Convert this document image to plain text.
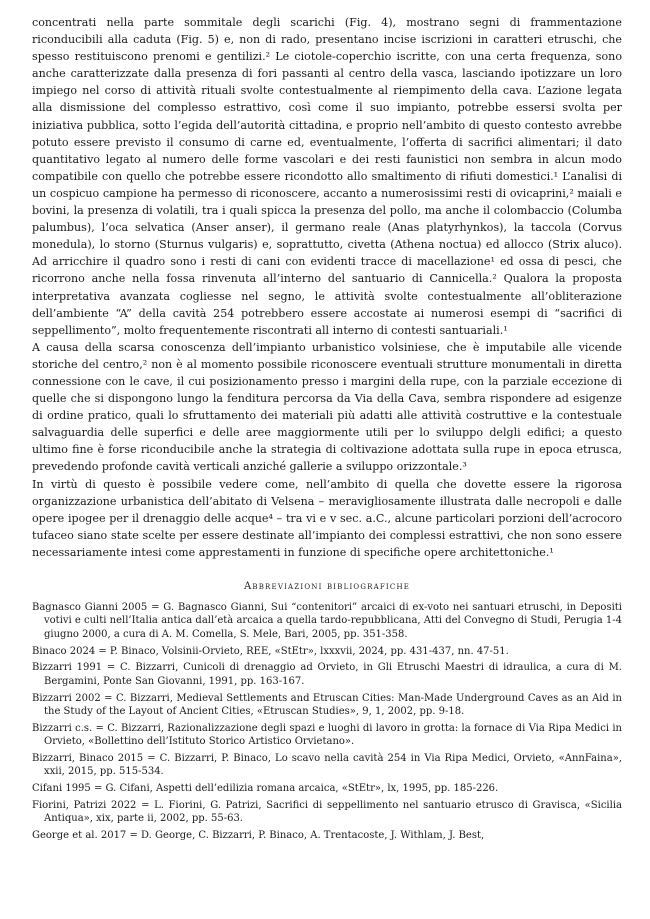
concentrati nella parte sommitale degli scarichi (Fig. 4), mostrano segni di frammentazione riconducibili alla caduta (Fig. 5) e, non di rado, presentano incise iscrizioni in caratteri etruschi, che spesso restituiscono prenomi e gentilizi.² Le ciotole-coperchio iscritte, con una certa frequenza, sono anche caratterizzate dalla presenza di fori passanti al centro della vasca, lasciando ipotizzare un loro impiego nel corso di attività rituali svolte contestualmente al riempimento della cava. L’azione legata alla dismissione del complesso estrattivo, così come il suo impianto, potrebbe essersi svolta per iniziativa pubblica, sotto l’egida dell’autorità cittadina, e proprio nell’ambito di questo contesto avrebbe potuto essere previsto il consumo di carne ed, eventualmente, l’offerta di sacrifici alimentari; il dato quantitativo legato al numero delle forme vascolari e dei resti faunistici non sembra in alcun modo compatibile con quello che potrebbe essere ricondotto allo smaltimento di rifiuti domestici.¹ L’analisi di un cospicuo campione ha permesso di riconoscere, accanto a numerosissimi resti di ovicaprini,² maiali e bovini, la presenza di volatili, tra i quali spicca la presenza del pollo, ma anche il colombaccio (Columba palumbus), l’oca selvatica (Anser anser), il germano reale (Anas platyrhynkos), la taccola (Corvus monedula), lo storno (Sturnus vulgaris) e, soprattutto, civetta (Athena noctua) ed allocco (Strix aluco). Ad arricchire il quadro sono i resti di cani con evidenti tracce di macellazione¹ ed ossa di pesci, che ricorrono anche nella fossa rinvenuta all’interno del santuario di Cannicella.² Qualora la proposta interpretativa avanzata cogliesse nel segno, le attività svolte contestualmente all’obliterazione dell’ambiente “A” della cavità 254 potrebbero essere accostate ai numerosi esempi di “sacrifici di seppellimento”, molto frequentemente riscontrati all interno di contesti santuariali.¹

A causa della scarsa conoscenza dell’impianto urbanistico volsiniese, che è imputabile alle vicende storiche del centro,² non è al momento possibile riconoscere eventuali strutture monumentali in diretta connessione con le cave, il cui posizionamento presso i margini della rupe, con la parziale eccezione di quelle che si dispongono lungo la fenditura percorsa da Via della Cava, sembra rispondere ad esigenze di ordine pratico, quali lo sfruttamento dei materiali più adatti alle attività costruttive e la contestuale salvaguardia delle superfici e delle aree maggiormente utili per lo sviluppo delgli edifici; a questo ultimo fine è forse riconducibile anche la strategia di coltivazione adottata sulla rupe in epoca etrusca, prevedendo profonde cavità verticali anziché gallerie a sviluppo orizzontale.³

In virtù di questo è possibile vedere come, nell’ambito di quella che dovette essere la rigorosa organizzazione urbanistica dell’abitato di Velsena – meravigliosamente illustrata dalle necropoli e dalle opere ipogee per il drenaggio delle acque⁴ – tra vi e v sec. a.C., alcune particolari porzioni dell’acrocoro tufaceo siano state scelte per essere destinate all’impianto dei complessi estrattivi, che non sono essere necessariamente intesi come apprestamenti in funzione di specifiche opere architettoniche.¹

Abbreviazioni bibliografiche

Bagnasco Gianni 2005 = G. Bagnasco Gianni, Sui “contenitori” arcaici di ex-voto nei santuari etruschi, in Depositi votivi e culti nell’Italia antica dall’età arcaica a quella tardo-repubblicana, Atti del Convegno di Studi, Perugia 1-4 giugno 2000, a cura di A. M. Comella, S. Mele, Bari, 2005, pp. 351-358.

Binaco 2024 = P. Binaco, Volsinii-Orvieto, REE, «StEtr», lxxxvii, 2024, pp. 431-437, nn. 47-51.

Bizzarri 1991 = C. Bizzarri, Cunicoli di drenaggio ad Orvieto, in Gli Etruschi Maestri di idraulica, a cura di M. Bergamini, Ponte San Giovanni, 1991, pp. 163-167.

Bizzarri 2002 = C. Bizzarri, Medieval Settlements and Etruscan Cities: Man-Made Underground Caves as an Aid in the Study of the Layout of Ancient Cities, «Etruscan Studies», 9, 1, 2002, pp. 9-18.

Bizzarri c.s. = C. Bizzarri, Razionalizzazione degli spazi e luoghi di lavoro in grotta: la fornace di Via Ripa Medici in Orvieto, «Bollettino dell’Istituto Storico Artistico Orvietano».

Bizzarri, Binaco 2015 = C. Bizzarri, P. Binaco, Lo scavo nella cavità 254 in Via Ripa Medici, Orvieto, «AnnFaina», xxii, 2015, pp. 515-534.

Cifani 1995 = G. Cifani, Aspetti dell’edilizia romana arcaica, «StEtr», lx, 1995, pp. 185-226.

Fiorini, Patrizi 2022 = L. Fiorini, G. Patrizi, Sacrifici di seppellimento nel santuario etrusco di Gravisca, «Sicilia Antiqua», xix, parte ii, 2002, pp. 55-63.

George et al. 2017 = D. George, C. Bizzarri, P. Binaco, A. Trentacoste, J. Withlam, J. Best,
